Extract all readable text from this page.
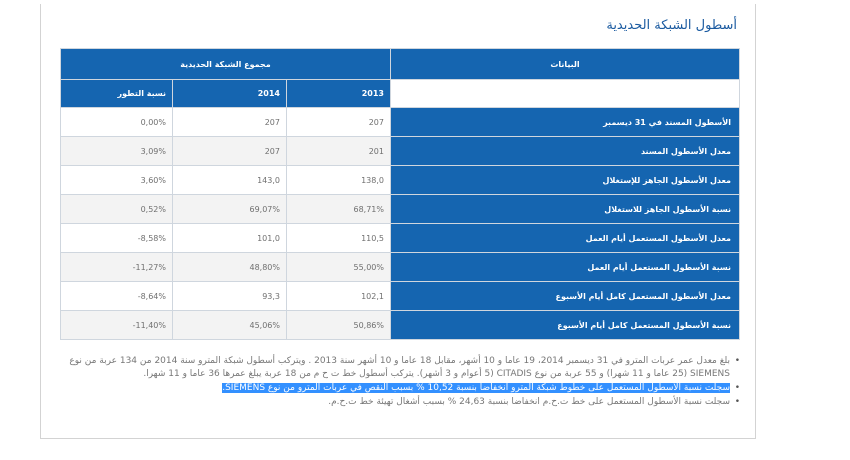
أسطول الشبكة الحديدية
مجموع الشبكة الحديدية			البيانات
نسبة التطور	2014	2013	
0,00%	207	207	الأسطول المسند في 31 ديسمبر
3,09%	207	201	معدل الأسطول المسند
3,60%	143,0	138,0	معدل الأسطول الجاهز للإستغلال
0,52%	69,07%	68,71%	نسبة الأسطول الجاهز للاستغلال
-8,58%	101,0	110,5	معدل الأسطول المستعمل أيام العمل
-11,27%	48,80%	55,00%	نسبة الأسطول المستعمل أيام العمل
-8,64%	93,3	102,1	معدل الأسطول المستعمل كامل أيام الأسبوع
-11,40%	45,06%	50,86%	نسبة الأسطول المستعمل كامل أيام الأسبوع
• بلغ معدل عمر عربات المترو في 31 ديسمبر 2014، 19 عاما و 10 أشهر، مقابل 18 عاما و 10 أشهر سنة 2013 . ويتركب أسطول شبكة المترو سنة 2014 من 134 عربة من نوع SIEMENS (25 عاما و 11 شهرا) و 55 عربة من نوع CITADIS (5 أعوام و 3 أشهر). يتركب أسطول خط ت ح م من 18 عربة يبلغ عمرها 36 عاما و 11 شهرا.
• سجلت نسبة الأسطول المستعمل على خطوط شبكة المترو انخفاضا بنسبة 10,52 % بسبب النقص في عربات المترو من نوع SIEMENS.
• سجلت نسبة الأسطول المستعمل على خط ت.ح.م انخفاضا بنسبة 24,63 % بسبب أشغال تهيئة خط ت.ح.م.
